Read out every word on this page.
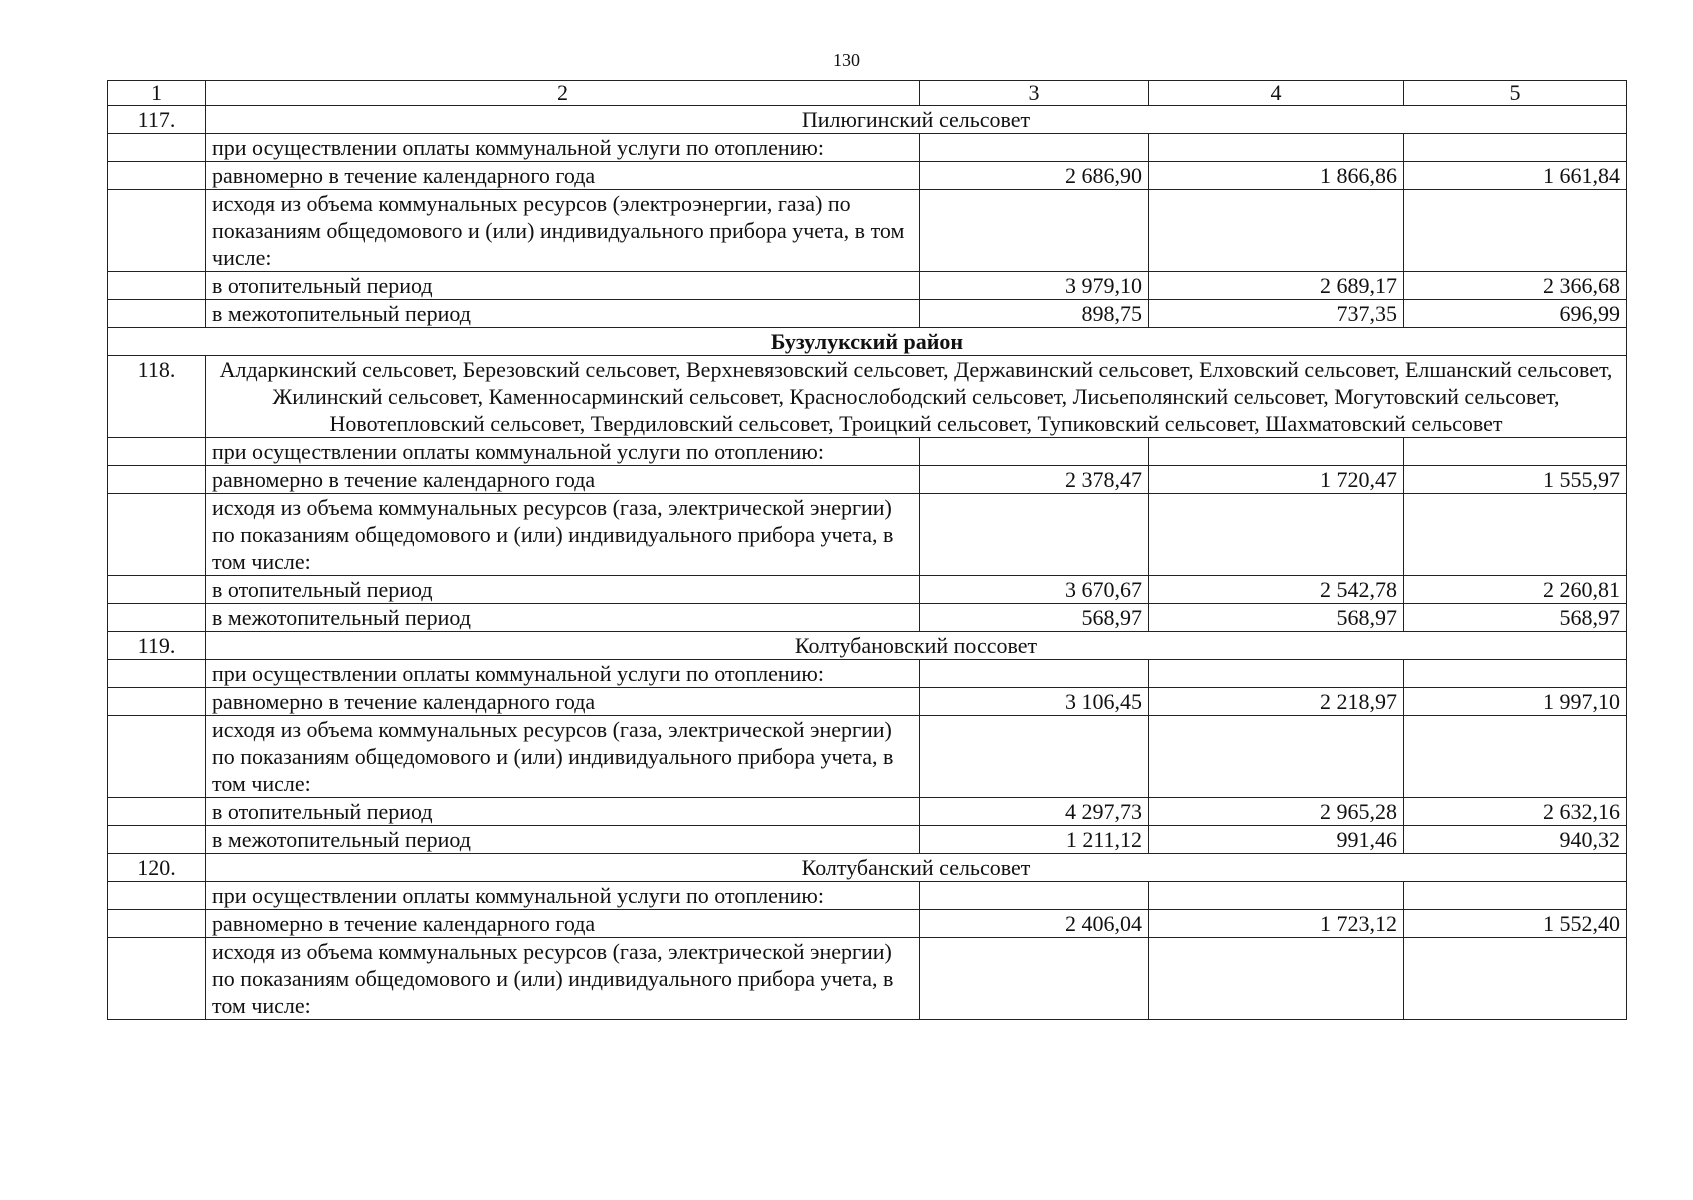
130
1	2	3	4	5
117.	Пилюгинский сельсовет			
	при осуществлении оплаты коммунальной услуги по отоплению:			
	равномерно в течение календарного года	2 686,90	1 866,86	1 661,84
	исходя из объема коммунальных ресурсов (электроэнергии, газа) по показаниям общедомового и (или) индивидуального прибора учета, в том числе:			
	в отопительный период	3 979,10	2 689,17	2 366,68
	в межотопительный период	898,75	737,35	696,99
Бузулукский район				
118.	Алдаркинский сельсовет, Березовский сельсовет, Верхневязовский сельсовет, Державинский сельсовет, Елховский сельсовет, Елшанский сельсовет, Жилинский сельсовет, Каменносарминский сельсовет, Краснослободский сельсовет, Лисьеполянский сельсовет, Могутовский сельсовет, Новотепловский сельсовет, Твердиловский сельсовет, Троицкий сельсовет, Тупиковский сельсовет, Шахматовский сельсовет			
	при осуществлении оплаты коммунальной услуги по отоплению:			
	равномерно в течение календарного года	2 378,47	1 720,47	1 555,97
	исходя из объема коммунальных ресурсов (газа, электрической энергии) по показаниям общедомового и (или) индивидуального прибора учета, в том числе:			
	в отопительный период	3 670,67	2 542,78	2 260,81
	в межотопительный период	568,97	568,97	568,97
119.	Колтубановский поссовет			
	при осуществлении оплаты коммунальной услуги по отоплению:			
	равномерно в течение календарного года	3 106,45	2 218,97	1 997,10
	исходя из объема коммунальных ресурсов (газа, электрической энергии) по показаниям общедомового и (или) индивидуального прибора учета, в том числе:			
	в отопительный период	4 297,73	2 965,28	2 632,16
	в межотопительный период	1 211,12	991,46	940,32
120.	Колтубанский сельсовет			
	при осуществлении оплаты коммунальной услуги по отоплению:			
	равномерно в течение календарного года	2 406,04	1 723,12	1 552,40
	исходя из объема коммунальных ресурсов (газа, электрической энергии) по показаниям общедомового и (или) индивидуального прибора учета, в том числе:			
